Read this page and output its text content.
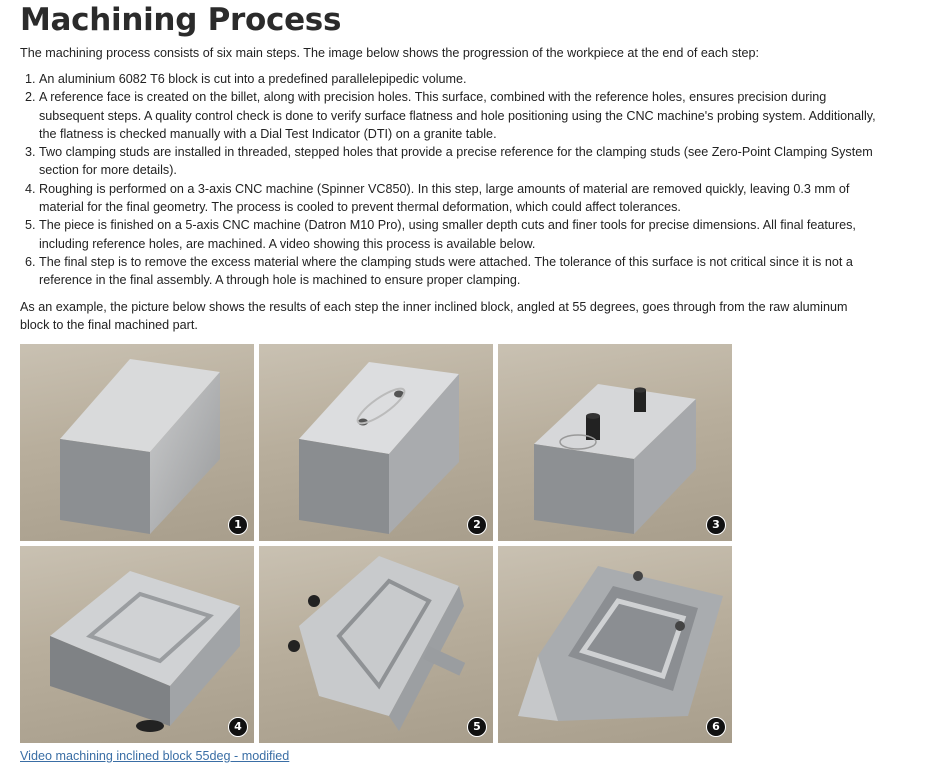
Machining Process

The machining process consists of six main steps. The image below shows the progression of the workpiece at the end of each step:

1. An aluminium 6082 T6 block is cut into a predefined parallelepipedic volume.
2. A reference face is created on the billet, along with precision holes. This surface, combined with the reference holes, ensures precision during subsequent steps. A quality control check is done to verify surface flatness and hole positioning using the CNC machine's probing system. Additionally, the flatness is checked manually with a Dial Test Indicator (DTI) on a granite table.
3. Two clamping studs are installed in threaded, stepped holes that provide a precise reference for the clamping studs (see Zero-Point Clamping System section for more details).
4. Roughing is performed on a 3-axis CNC machine (Spinner VC850). In this step, large amounts of material are removed quickly, leaving 0.3 mm of material for the final geometry. The process is cooled to prevent thermal deformation, which could affect tolerances.
5. The piece is finished on a 5-axis CNC machine (Datron M10 Pro), using smaller depth cuts and finer tools for precise dimensions. All final features, including reference holes, are machined. A video showing this process is available below.
6. The final step is to remove the excess material where the clamping studs were attached. The tolerance of this surface is not critical since it is not a reference in the final assembly. A through hole is machined to ensure proper clamping.

As an example, the picture below shows the results of each step the inner inclined block, angled at 55 degrees, goes through from the raw aluminum block to the final machined part.

1	2	3
4	5	6
Video machining inclined block 55deg - modified
